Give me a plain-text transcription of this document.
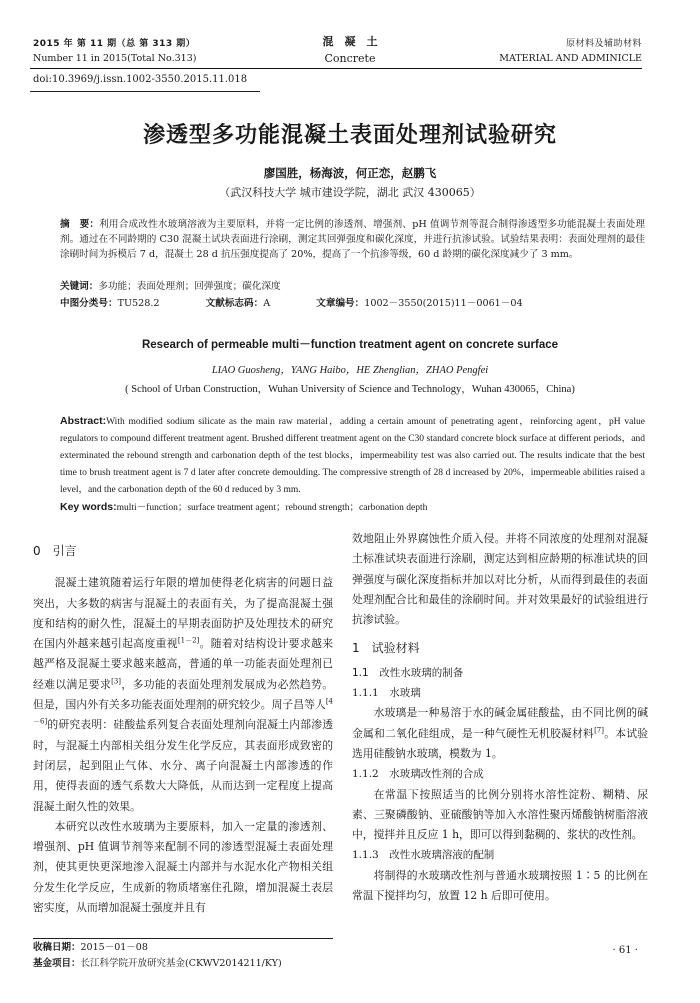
2015 年 第 11 期（总 第 313 期）
Number 11 in 2015(Total No.313)
混　凝　土
Concrete
原材料及辅助材料
MATERIAL AND ADMINICLE
doi:10.3969/j.issn.1002-3550.2015.11.018
渗透型多功能混凝土表面处理剂试验研究
廖国胜，杨海波，何正恋，赵鹏飞
（武汉科技大学 城市建设学院，湖北 武汉 430065）
摘　要：利用合成改性水玻璃溶液为主要原料，并将一定比例的渗透剂、增强剂、pH 值调节剂等混合制得渗透型多功能混凝土表面处理剂。通过在不同龄期的 C30 混凝土试块表面进行涂刷，测定其回弹强度和碳化深度，并进行抗渗试验。试验结果表明：表面处理剂的最佳涂刷时间为拆模后 7 d，混凝土 28 d 抗压强度提高了 20%，提高了一个抗渗等级，60 d 龄期的碳化深度减少了 3 mm。
关键词：多功能；表面处理剂；回弹强度；碳化深度
中图分类号：TU528.2	文献标志码：A	文章编号：1002－3550(2015)11－0061－04
Research of permeable multi－function treatment agent on concrete surface
LIAO Guosheng，YANG Haibo，HE Zhenglian，ZHAO Pengfei
( School of Urban Construction，Wuhan University of Science and Technology，Wuhan 430065，China)
Abstract:With modified sodium silicate as the main raw material，adding a certain amount of penetrating agent，reinforcing agent，pH value regulators to compound different treatment agent. Brushed different treatment agent on the C30 standard concrete block surface at different periods，and exterminated the rebound strength and carbonation depth of the test blocks，impermeability test was also carried out. The results indicate that the best time to brush treatment agent is 7 d later after concrete demoulding. The compressive strength of 28 d increased by 20%，impermeable abilities raised a level，and the carbonation depth of the 60 d reduced by 3 mm.
Key words:multi－function；surface treatment agent；rebound strength；carbonation depth
0　 引言

混凝土建筑随着运行年限的增加使得老化病害的问题日益突出，大多数的病害与混凝土的表面有关，为了提高混凝土强度和结构的耐久性，混凝土的早期表面防护及处理技术的研究在国内外越来越引起高度重视[1－2]。随着对结构设计要求越来越严格及混凝土要求越来越高，普通的单一功能表面处理剂已经难以满足要求[3]，多功能的表面处理剂发展成为必然趋势。但是，国内外有关多功能表面处理剂的研究较少。周子昌等人[4－6]的研究表明：硅酸盐系列复合表面处理剂向混凝土内部渗透时，与混凝土内部相关组分发生化学反应，其表面形成致密的封闭层，起到阻止气体、水分、离子向混凝土内部渗透的作用，使得表面的透气系数大大降低，从而达到一定程度上提高混凝土耐久性的效果。

本研究以改性水玻璃为主要原料，加入一定量的渗透剂、增强剂、pH 值调节剂等来配制不同的渗透型混凝土表面处理剂，使其更快更深地渗入混凝土内部并与水泥水化产物相关组分发生化学反应，生成新的物质堵塞住孔隙，增加混凝土表层密实度，从而增加混凝土强度并且有

效地阻止外界腐蚀性介质入侵。并将不同浓度的处理剂对混凝土标准试块表面进行涂刷，测定达到相应龄期的标准试块的回弹强度与碳化深度指标并加以对比分析，从而得到最佳的表面处理剂配合比和最佳的涂刷时间。并对效果最好的试验组进行抗渗试验。

1　 试验材料
1.1　改性水玻璃的制备
1.1.1　水玻璃

水玻璃是一种易溶于水的碱金属硅酸盐，由不同比例的碱金属和二氧化硅组成，是一种气硬性无机胶凝材料[7]。本试验选用硅酸钠水玻璃，模数为 1。

1.1.2　水玻璃改性剂的合成

在常温下按照适当的比例分别将水溶性淀粉、糊精、尿素、三聚磷酸钠、亚硫酸钠等加入水溶性聚丙烯酸钠树脂溶液中，搅拌并且反应 1 h，即可以得到黏稠的、浆状的改性剂。

1.1.3　改性水玻璃溶液的配制

将制得的水玻璃改性剂与普通水玻璃按照 1∶5 的比例在常温下搅拌均匀，放置 12 h 后即可使用。

收稿日期：2015－01－08
基金项目：长江科学院开放研究基金(CKWV2014211/KY)
· 61 ·
